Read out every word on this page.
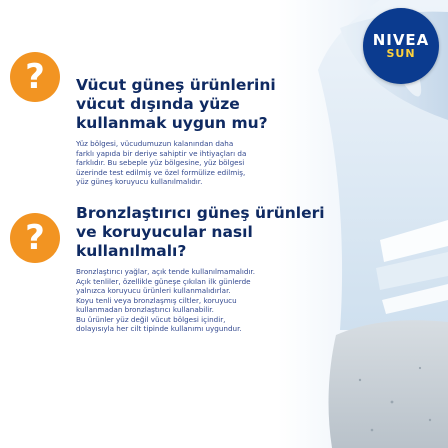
NIVEA
SUN
?	Vücut güneş ürünlerini vücut dışında yüze kullanmak uygun mu?
Yüz bölgesi, vücudumuzun kalanından daha
farklı yapıda bir deriye sahiptir ve ihtiyaçları da
farklıdır. Bu sebeple yüz bölgesine, yüz bölgesi
üzerinde test edilmiş ve özel formülize edilmiş,
yüz güneş koruyucu kullanılmalıdır.
?
Bronzlaştırıcı güneş ürünleri ve koruyucular nasıl kullanılmalı?
Bronzlaştırıcı yağlar, açık tende kullanılmamalıdır.
Açık tenliler, özellikle güneşe çıkılan ilk günlerde
yalnızca koruyucu ürünleri kullanmalıdırlar.
Koyu tenli veya bronzlaşmış ciltler, koruyucu
kullanmadan bronzlaştırıcı kullanabilir.
Bu ürünler yüz değil vücut bölgesi içindir,
dolayısıyla her cilt tipinde kullanımı uygundur.
